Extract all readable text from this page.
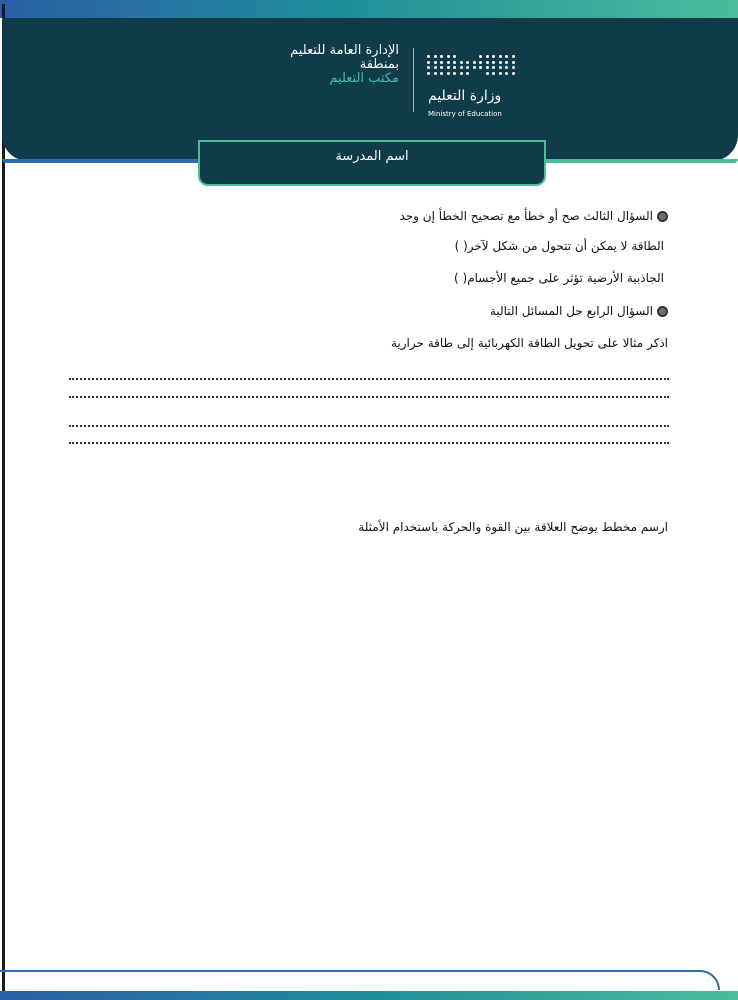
الإدارة العامة للتعليم
بمنطقة
مكتب التعليم
وزارة التعليم
Ministry of Education
اسم المدرسة
السؤال الثالث صح أو خطأ مع تصحيح الخطأ إن وجد
الطاقة لا يمكن أن تتحول من شكل لآخر( )
الجاذبية الأرضية تؤثر على جميع الأجسام( )
السؤال الرابع حل المسائل التالية
اذكر مثالا على تحويل الطاقة الكهربائية إلى طاقة حرارية
ارسم مخطط يوضح العلاقة بين القوة والحركة باستخدام الأمثلة
